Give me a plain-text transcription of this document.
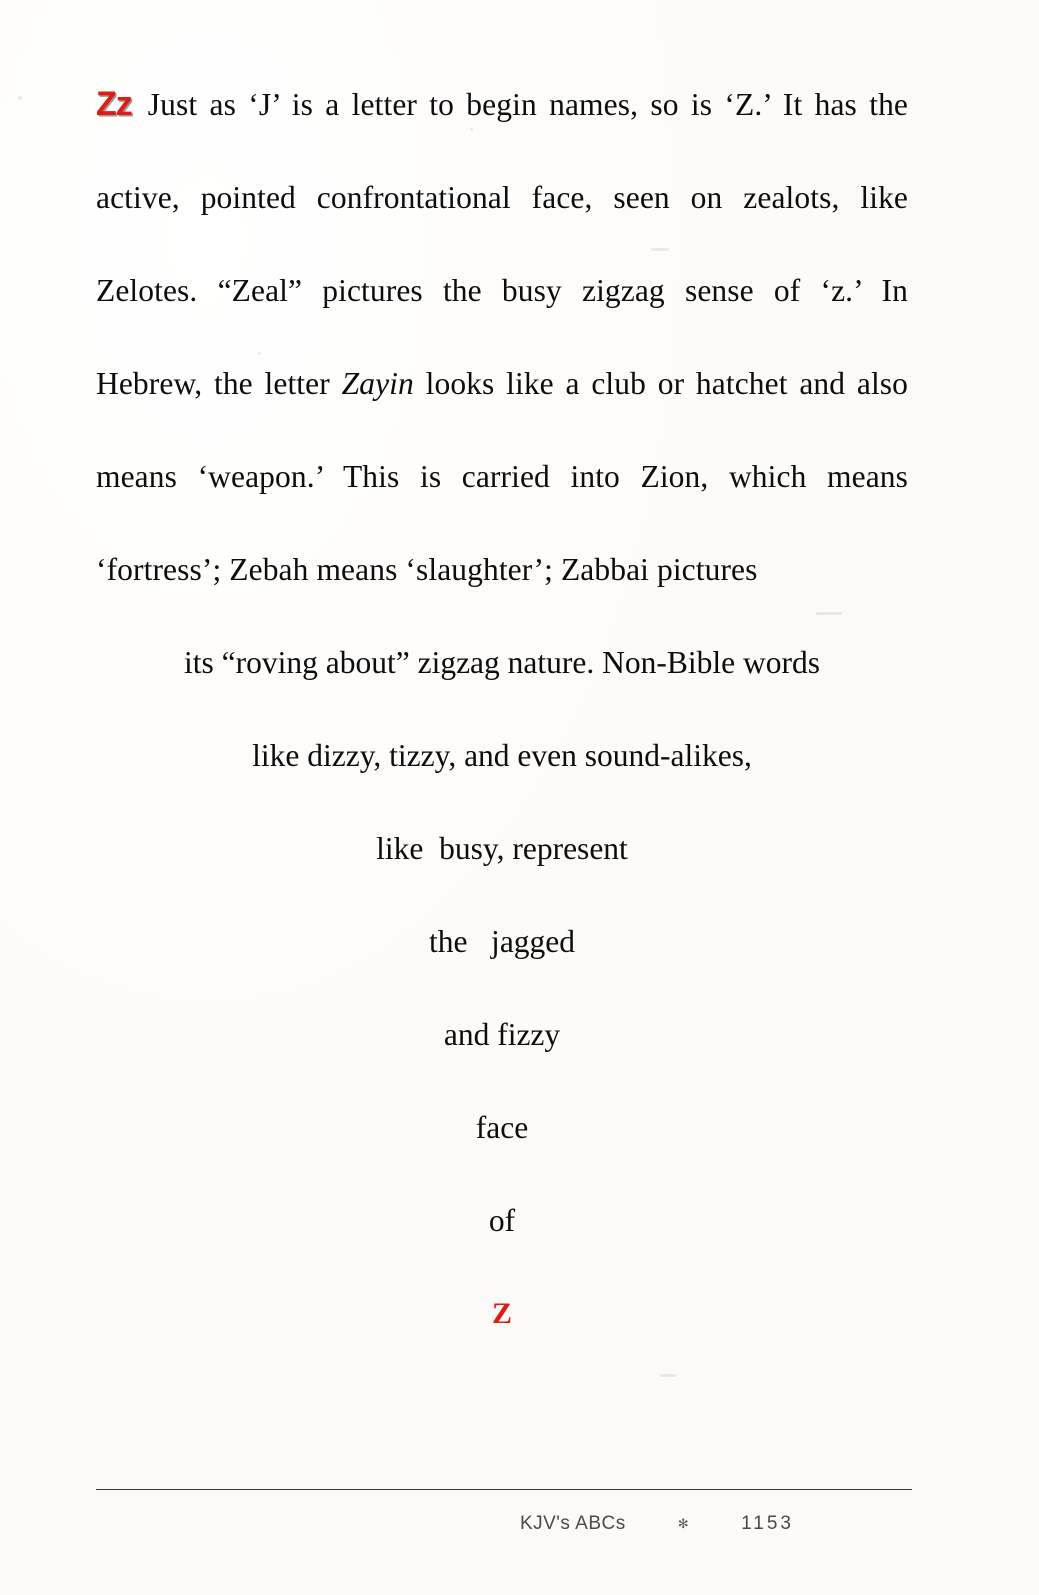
Zz Just as ‘J’ is a letter to begin names, so is ‘Z.’ It has the active, pointed confrontational face, seen on zealots, like Zelotes. “Zeal” pictures the busy zigzag sense of ‘z.’ In Hebrew, the letter Zayin looks like a club or hatchet and also means ‘weapon.’ This is carried into Zion, which means ‘fortress’; Zebah means ‘slaughter’; Zabbai pictures
its “roving about” zigzag nature. Non-Bible words
like dizzy, tizzy, and even sound-alikes,
like  busy, represent
the   jagged
and fizzy
face
of
Z
KJV's ABCs	✻	1153
